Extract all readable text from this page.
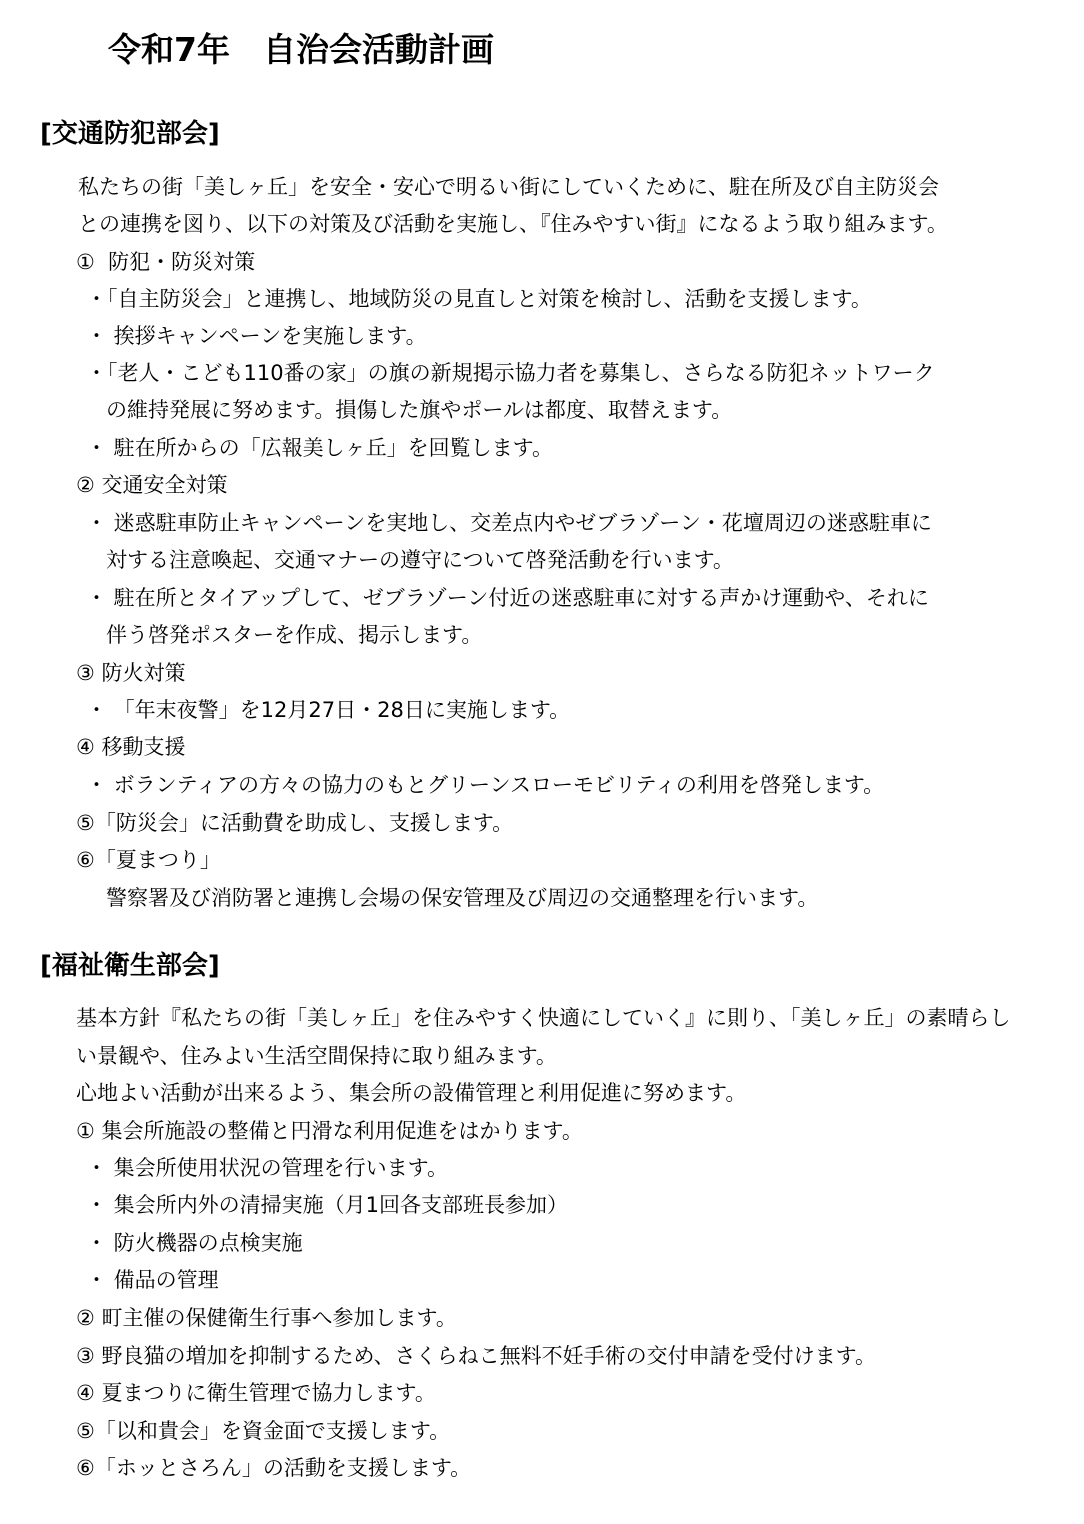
令和7年　自治会活動計画
[交通防犯部会]

私たちの街「美しヶ丘」を安全・安心で明るい街にしていくために、駐在所及び自主防災会

との連携を図り、以下の対策及び活動を実施し、『住みやすい街』になるよう取り組みます。

①  防犯・防災対策

・「自主防災会」と連携し、地域防災の見直しと対策を検討し、活動を支援します。

・ 挨拶キャンペーンを実施します。

・「老人・こども110番の家」の旗の新規掲示協力者を募集し、さらなる防犯ネットワーク

の維持発展に努めます。損傷した旗やポールは都度、取替えます。

・ 駐在所からの「広報美しヶ丘」を回覧します。

② 交通安全対策

・ 迷惑駐車防止キャンペーンを実地し、交差点内やゼブラゾーン・花壇周辺の迷惑駐車に

対する注意喚起、交通マナーの遵守について啓発活動を行います。

・ 駐在所とタイアップして、ゼブラゾーン付近の迷惑駐車に対する声かけ運動や、それに

伴う啓発ポスターを作成、掲示します。

③ 防火対策

・ 「年末夜警」を12月27日・28日に実施します。

④ 移動支援

・ ボランティアの方々の協力のもとグリーンスローモビリティの利用を啓発します。

⑤「防災会」に活動費を助成し、支援します。

⑥「夏まつり」

警察署及び消防署と連携し会場の保安管理及び周辺の交通整理を行います。

[福祉衛生部会]

基本方針『私たちの街「美しヶ丘」を住みやすく快適にしていく』に則り、「美しヶ丘」の素晴らし

い景観や、住みよい生活空間保持に取り組みます。

心地よい活動が出来るよう、集会所の設備管理と利用促進に努めます。

① 集会所施設の整備と円滑な利用促進をはかります。

・ 集会所使用状況の管理を行います。

・ 集会所内外の清掃実施（月1回各支部班長参加）

・ 防火機器の点検実施

・ 備品の管理

② 町主催の保健衛生行事へ参加します。

③ 野良猫の増加を抑制するため、さくらねこ無料不妊手術の交付申請を受付けます。

④ 夏まつりに衛生管理で協力します。

⑤「以和貴会」を資金面で支援します。

⑥「ホッとさろん」の活動を支援します。
